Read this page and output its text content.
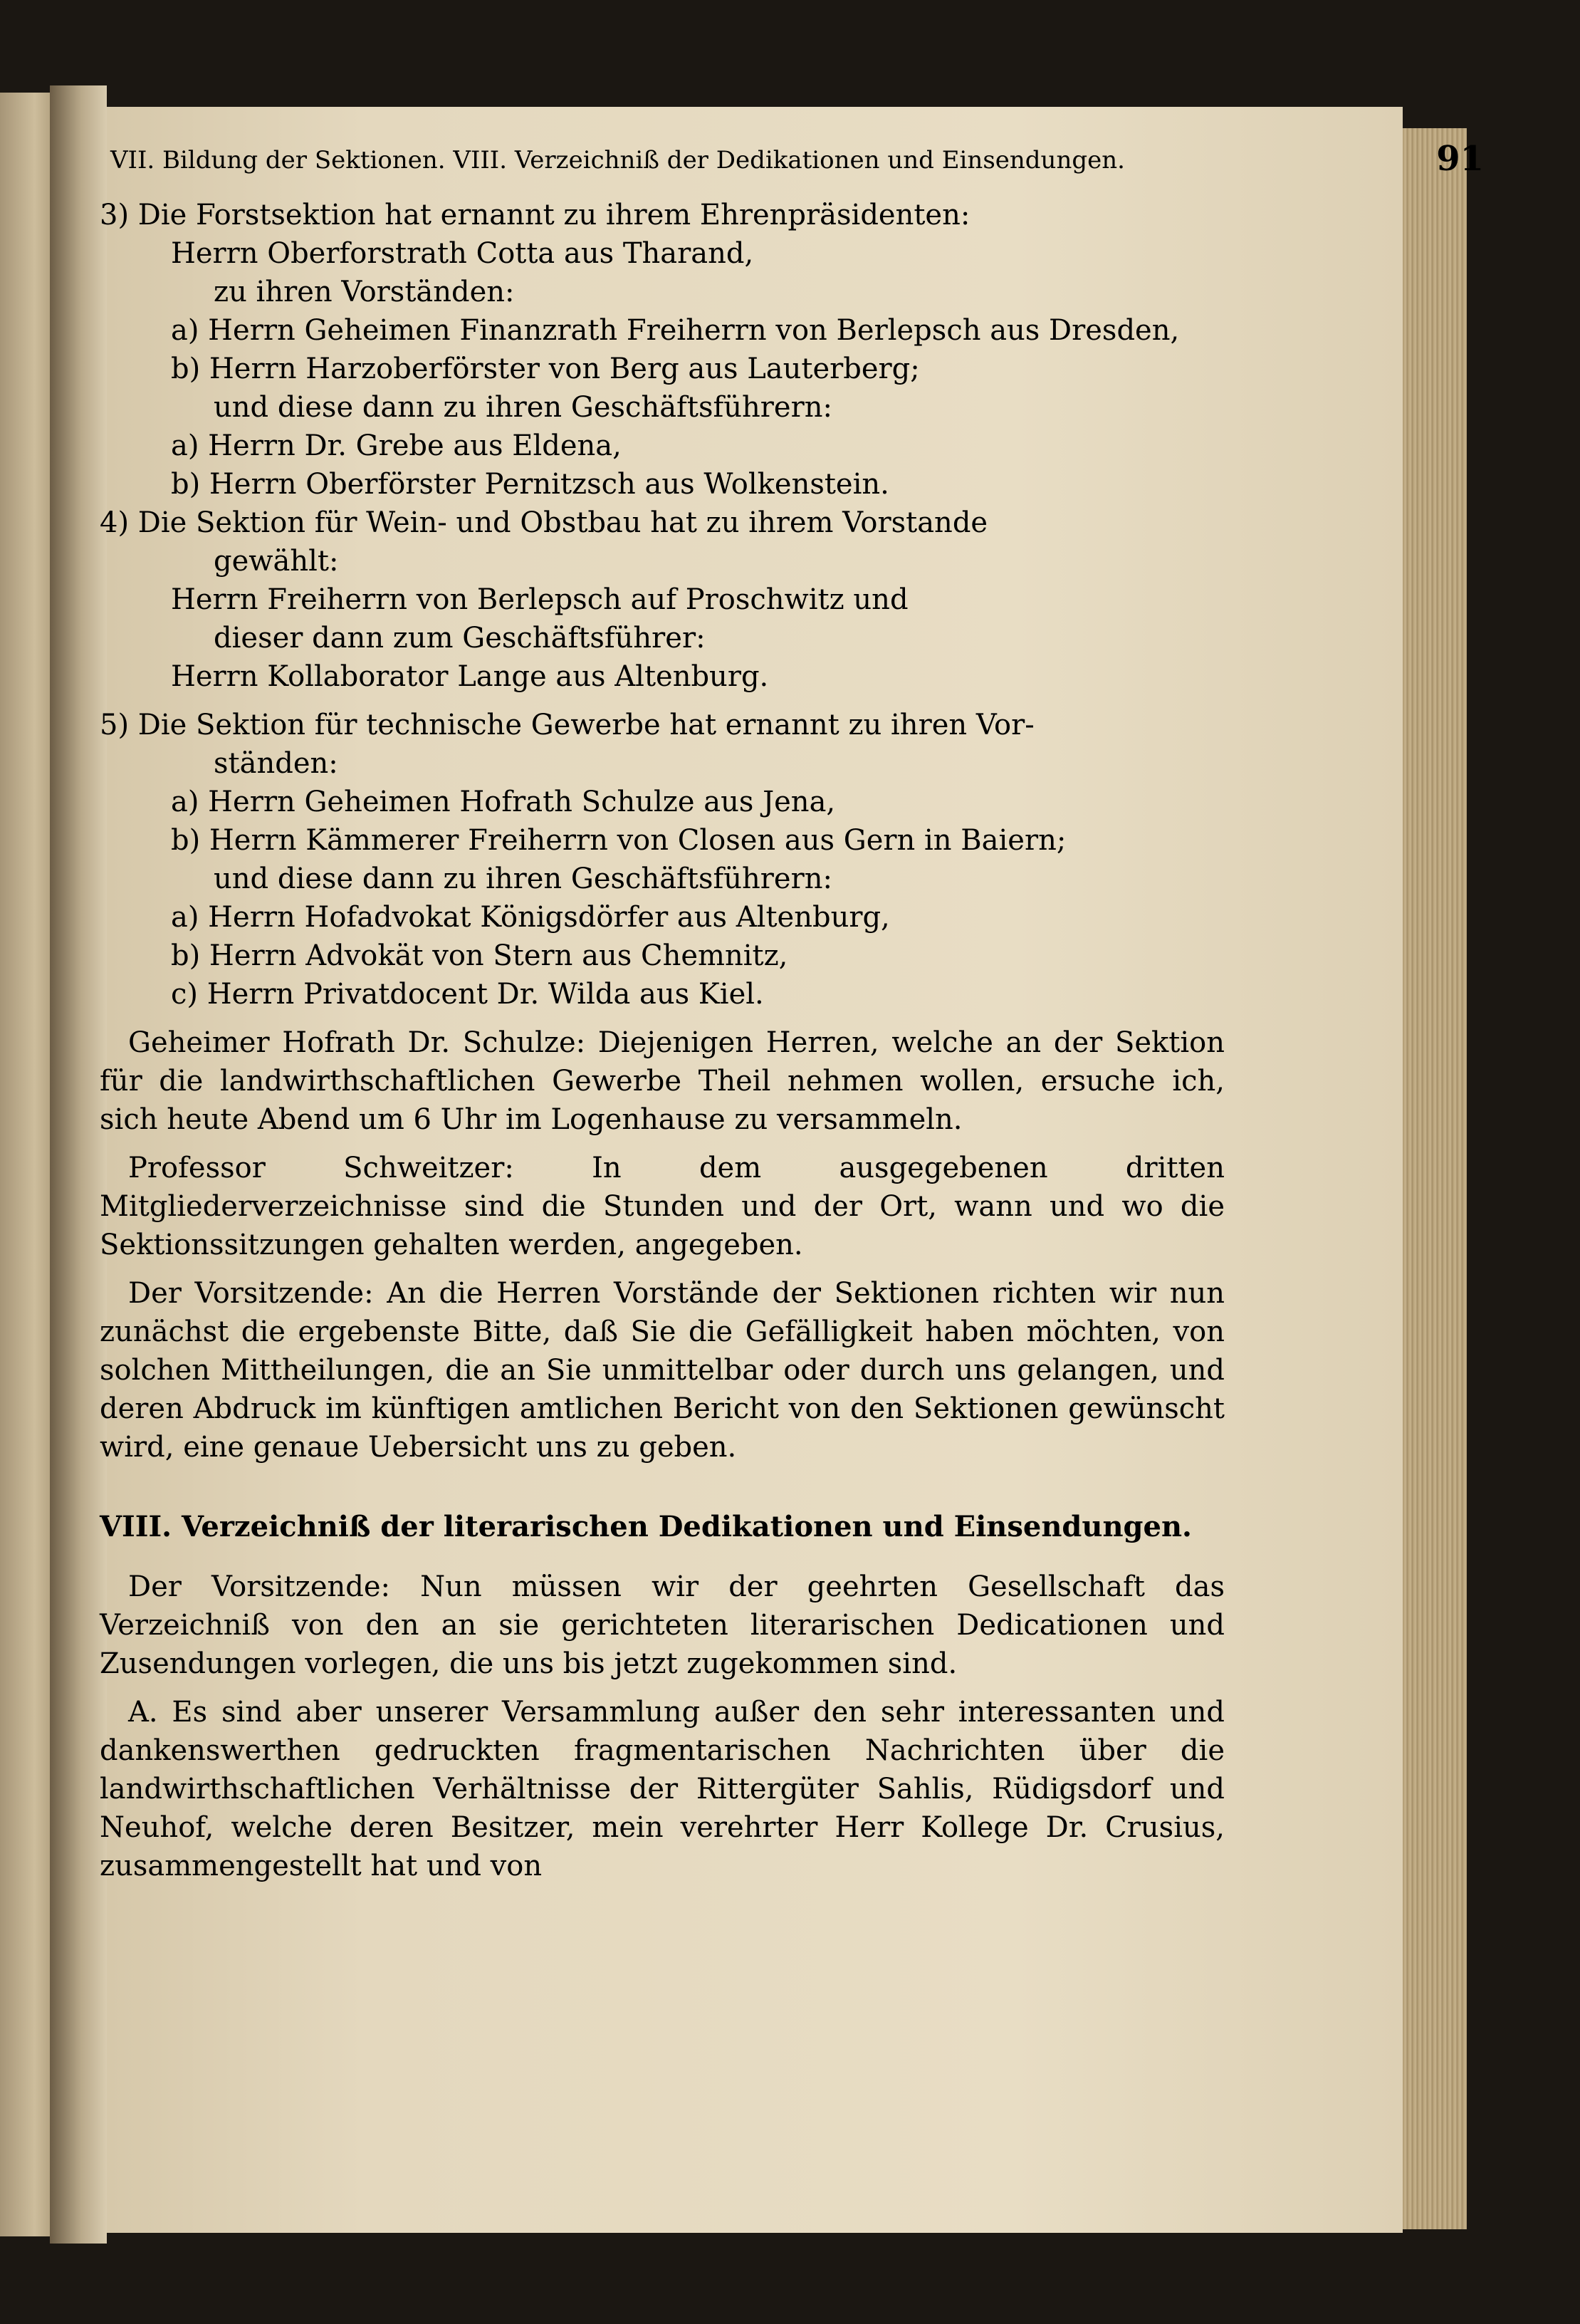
VII. Bildung der Sektionen. VIII. Verzeichniß der Dedikationen und Einsendungen.	91

3) Die Forstsektion hat ernannt zu ihrem Ehrenpräsidenten:

Herrn Oberforstrath Cotta aus Tharand,

zu ihren Vorständen:

a) Herrn Geheimen Finanzrath Freiherrn von Berlepsch aus Dresden,

b) Herrn Harzoberförster von Berg aus Lauterberg;

und diese dann zu ihren Geschäftsführern:

a) Herrn Dr. Grebe aus Eldena,

b) Herrn Oberförster Pernitzsch aus Wolkenstein.

4) Die Sektion für Wein- und Obstbau hat zu ihrem Vorstande

gewählt:

Herrn Freiherrn von Berlepsch auf Proschwitz und

dieser dann zum Geschäftsführer:

Herrn Kollaborator Lange aus Altenburg.

5) Die Sektion für technische Gewerbe hat ernannt zu ihren Vor-

ständen:

a) Herrn Geheimen Hofrath Schulze aus Jena,

b) Herrn Kämmerer Freiherrn von Closen aus Gern in Baiern;

und diese dann zu ihren Geschäftsführern:

a) Herrn Hofadvokat Königsdörfer aus Altenburg,

b) Herrn Advokät von Stern aus Chemnitz,

c) Herrn Privatdocent Dr. Wilda aus Kiel.

Geheimer Hofrath Dr. Schulze: Diejenigen Herren, welche an der Sektion für die landwirthschaftlichen Gewerbe Theil nehmen wollen, ersuche ich, sich heute Abend um 6 Uhr im Logenhause zu versammeln.

Professor Schweitzer: In dem ausgegebenen dritten Mitgliederverzeichnisse sind die Stunden und der Ort, wann und wo die Sektionssitzungen gehalten werden, angegeben.

Der Vorsitzende: An die Herren Vorstände der Sektionen richten wir nun zunächst die ergebenste Bitte, daß Sie die Gefälligkeit haben möchten, von solchen Mittheilungen, die an Sie unmittelbar oder durch uns gelangen, und deren Abdruck im künftigen amtlichen Bericht von den Sektionen gewünscht wird, eine genaue Uebersicht uns zu geben.

VIII. Verzeichniß der literarischen Dedikationen und Einsendungen.

Der Vorsitzende: Nun müssen wir der geehrten Gesellschaft das Verzeichniß von den an sie gerichteten literarischen Dedicationen und Zusendungen vorlegen, die uns bis jetzt zugekommen sind.

A. Es sind aber unserer Versammlung außer den sehr interessanten und dankenswerthen gedruckten fragmentarischen Nachrichten über die landwirthschaftlichen Verhältnisse der Rittergüter Sahlis, Rüdigsdorf und Neuhof, welche deren Besitzer, mein verehrter Herr Kollege Dr. Crusius, zusammengestellt hat und von
